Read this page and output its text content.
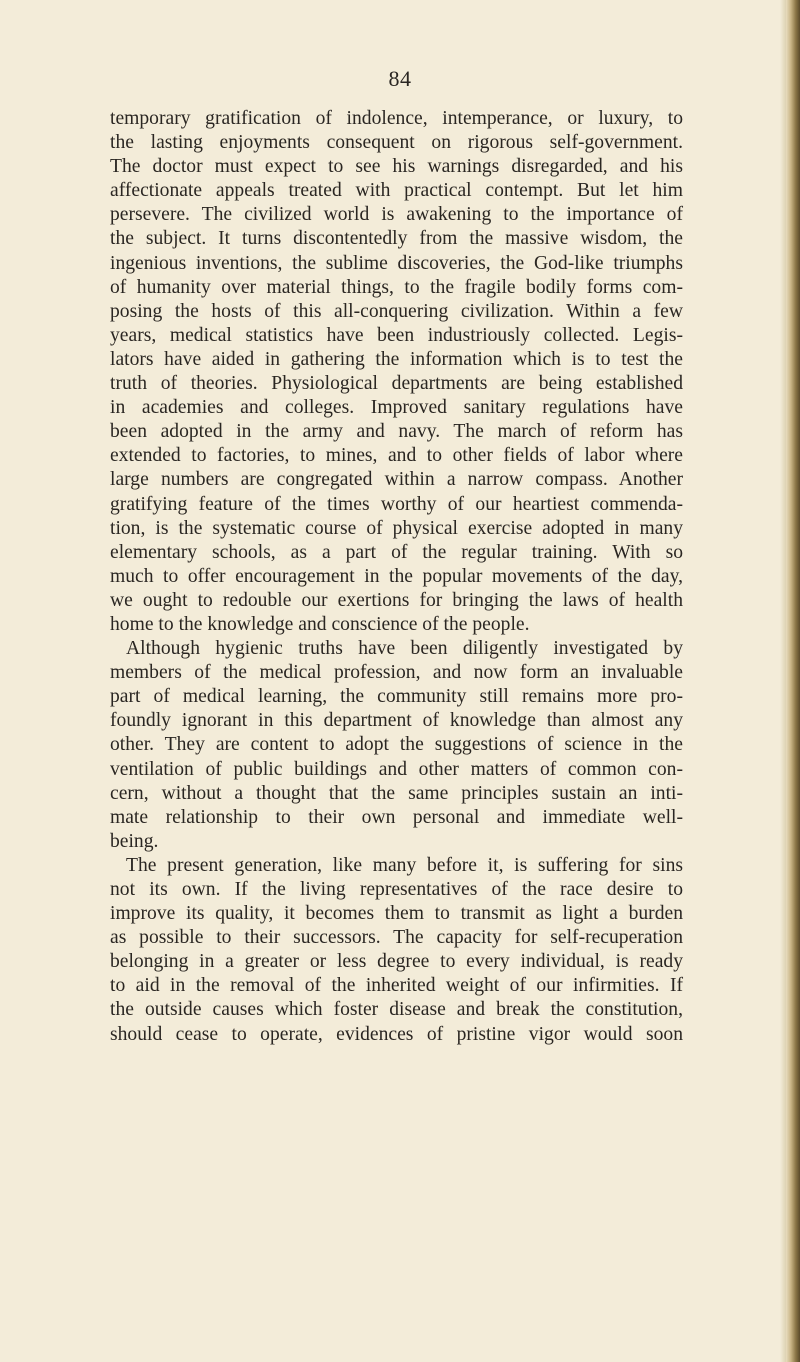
84
temporary gratification of indolence, intemperance, or luxury, to
the lasting enjoyments consequent on rigorous self-government.
The doctor must expect to see his warnings disregarded, and his
affectionate appeals treated with practical contempt. But let him
persevere. The civilized world is awakening to the importance of
the subject. It turns discontentedly from the massive wisdom, the
ingenious inventions, the sublime discoveries, the God-like triumphs
of humanity over material things, to the fragile bodily forms com-
posing the hosts of this all-conquering civilization. Within a few
years, medical statistics have been industriously collected. Legis-
lators have aided in gathering the information which is to test the
truth of theories. Physiological departments are being established
in academies and colleges. Improved sanitary regulations have
been adopted in the army and navy. The march of reform has
extended to factories, to mines, and to other fields of labor where
large numbers are congregated within a narrow compass. Another
gratifying feature of the times worthy of our heartiest commenda-
tion, is the systematic course of physical exercise adopted in many
elementary schools, as a part of the regular training. With so
much to offer encouragement in the popular movements of the day,
we ought to redouble our exertions for bringing the laws of health
home to the knowledge and conscience of the people.
Although hygienic truths have been diligently investigated by
members of the medical profession, and now form an invaluable
part of medical learning, the community still remains more pro-
foundly ignorant in this department of knowledge than almost any
other. They are content to adopt the suggestions of science in the
ventilation of public buildings and other matters of common con-
cern, without a thought that the same principles sustain an inti-
mate relationship to their own personal and immediate well-
being.
The present generation, like many before it, is suffering for sins
not its own. If the living representatives of the race desire to
improve its quality, it becomes them to transmit as light a burden
as possible to their successors. The capacity for self-recuperation
belonging in a greater or less degree to every individual, is ready
to aid in the removal of the inherited weight of our infirmities. If
the outside causes which foster disease and break the constitution,
should cease to operate, evidences of pristine vigor would soon
